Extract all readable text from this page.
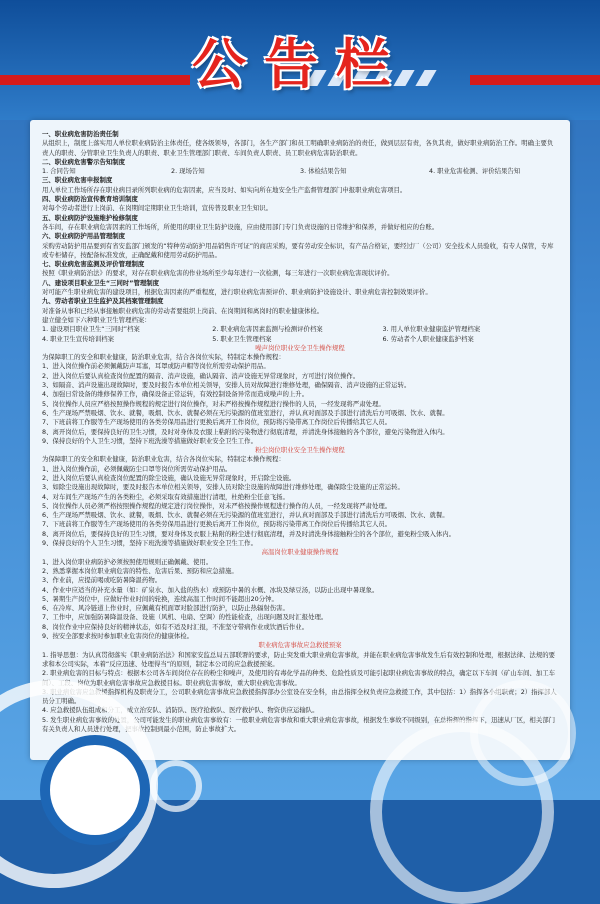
公告栏

一、职业病危害防治责任制

从组织上，制度上落实用人单位职业病防治主体责任，使各级领导，各部门，各生产部门和员工明确职业病防治的责任，做到层层有责，各负其责，做好职业病防治工作。明确主要负责人的职责、分管职业卫生负责人的职责、职业卫生管理部门职责、车间负责人职责、员工职业病危害防治职责。

二、职业病危害警示告知制度

1. 合同告知	2. 现场告知	3. 体检结果告知	4. 职业危害检测、评价结果告知

三、职业病危害申报制度

用人单位工作场所存在职业病目录所列职业病的危害因素，应当及时、如实向所在地安全生产监督管理部门申报职业病危害项目。

四、职业病防治宣传教育培训制度

对每个劳动者进行上岗前、在岗期间定期职业卫生培训，宣传普及职业卫生知识。

五、职业病防护设施维护检修制度

各车间，存在职业病危害因素的工作场所，所使用的职业卫生防护设施，应由使用部门专门负责设施的日常维护和保养，并做好相应的台账。

六、职业病防护用品管理制度

采购劳动防护用品要到有省安监部门颁发的“特种劳动防护用品销售许可证”的商店采购，要有劳动安全标识，有产品合格证，要经过厂（公司）安全技术人员验收，有专人保管，专库或专柜储存，按配备标准发放，正确配戴和使用劳动防护用品。

七、职业病危害监测及评价管理制度

按照《职业病防治法》的要求，对存在职业病危害的作业场所至少每年进行一次检测，每三年进行一次职业病危害现状评价。

八、建设项目职业卫生“三同时”管理制度

对可能产生职业病危害的建设项目，根据危害因素的严重程度，进行职业病危害预评价、职业病防护设施设计、职业病危害控制效果评价。

九、劳动者职业卫生监护及其档案管理制度

对准备从事和已经从事接触职业病危害的劳动者要组织上岗前、在岗期间和离岗时的职业健康体检。

建立健全如下六种职业卫生管理档案：

1. 建设项目职业卫生“三同时”档案	2. 职业病危害因素监测与检测评价档案	3. 用人单位职业健康监护管理档案
4. 职业卫生宣传培训档案	5. 职业卫生管理档案	6. 劳动者个人职业健康监护档案

噪声岗位职业安全卫生操作规程

为保障职工的安全和职业健康，防治职业危害，结合各岗位实际，特制定本操作规程：

1、进入岗位操作前必须佩戴防声耳塞，耳罩或防声帽等岗位所需劳动保护用品。

2、进入岗位后要认真检查岗位配置的隔音、消声设施，确认隔音、消声设施无异常现象时，方可进行岗位操作。

3、如隔音、消声设施出现故障时，要及时报告本单位相关领导，安排人员对故障进行维修处理，确保隔音、消声设施的正常运转。

4、加强日常设备的维修保养工作，确保设备正常运转，有效控制设备异常而造成噪声的上升。

5、岗位操作人员应严格按照操作规程的规定进行岗位操作，对未严格按操作规程进行操作的人员，一经发现将严肃处理。

6、生产现场严禁吸烟、饮水、就餐，吸烟、饮水、就餐必须在无污染源的值班室进行，并认真对面部及手部进行清洗后方可吸烟、饮水、就餐。

7、下班前将工作服等生产现场使用的各类劳保用品进行更换后离开工作岗位，预防将污染带离工作岗位后传播给其它人员。

8、离开岗位后，要保持良好的卫生习惯，及时对身体及衣服上粘附的污染物进行彻底清理，并清洗身体接触的各个部位，避免污染物进入体内。

9、保持良好的个人卫生习惯，坚持下班洗澡等措施做好职业安全卫生工作。

粉尘岗位职业安全卫生操作规程

为保障职工的安全和职业健康，防治职业危害，结合各岗位实际，特制定本操作规程：

1、进入岗位操作前，必须佩戴防尘口罩等岗位所需劳动保护用品。

2、进入岗位后要认真检查岗位配置的除尘设施，确认设施无异常现象时，开启除尘设施。

3、如除尘设施出现故障时，要及时报告本单位相关领导，安排人员对除尘设施的故障进行维修处理，确保除尘设施的正常运转。

4、对车间生产现场产生的各类粉尘，必须采取有效措施进行清理，杜绝粉尘任意飞扬。

5、岗位操作人员必须严格按照操作规程的规定进行岗位操作，对未严格按操作规程进行操作的人员，一经发现将严肃处理。

6、生产现场严禁吸烟、饮水、就餐，吸烟、饮水、就餐必须在无污染源的值班室进行，并认真对面部及手部进行清洗后方可吸烟、饮水、就餐。

7、下班前将工作服等生产现场使用的各类劳保用品进行更换后离开工作岗位，预防将污染带离工作岗位后传播给其它人员。

8、离开岗位后，要保持良好的卫生习惯，要对身体及衣服上粘附的粉尘进行彻底清理，并及时清洗身体接触粉尘的各个部位，避免粉尘吸入体内。

9、保持良好的个人卫生习惯，坚持下班洗澡等措施做好职业安全卫生工作。

高温岗位职业健康操作规程

1、进入岗位职业病防护必须按照使用规则正确佩戴、使用。

2、熟悉掌握本岗位职业病危害的特性、危害后果、预防和应急措施。

3、作业前，应提前喝或吃防暑降温药物。

4、作业中应适当的补充水量（如：矿泉水、加入盐的热水）或预防中暑的水概、冰块及绿豆汤，以防止出现中暑现象。

5、暑期生产岗位中，应做好作业时间的轮换，连续高温工作时间不能超出20分钟。

6、在冷库、风冷链道上作业时，应佩戴有机面罩对脸部进行防护，以防止热辐射伤害。

7、工作中，应加强防暑降温设备、设施（风机、电扇、空调）的性能检查，出现问题及时汇报处理。

8、岗位作业中应保持良好的精神状态，如有不适及时汇报，不准坚守带病作业或饮酒后作业。

9、按安全部要求按时参加职业危害岗位的健康体检。

职业病危害事故应急救援预案

1. 指导思想：为认真贯彻落实《职业病防治法》和国家安监总局五部联署的要求，防止突发重大职业病危害事故，并能在职业病危害事故发生后有效控制和处理，根据法律、法规的要求和本公司实际，本着“反应迅速、处理得当”的原则，制定本公司的应急救援预案。

2. 职业病危害的目标与特点：根据本公司各车间岗位存在的粉尘和噪声，及使用的有毒化学品的种类、危险性质及可能引起职业病危害事故的特点，确定以下车间（矿山车间、加工车间）、工段、岗位为职业病危害事故应急救援目标。职业病危害事故，重大职业病危害事故。

3. 职业病危害应急救援指挥机构及职责分工，公司职业病危害事故应急救援指挥部办公室设在安全科，由总指挥全权负责应急救援工作，其中包括：1）指挥各小组职责；2）指挥部人员分工明确。

4. 应急救援队伍组成和分工，成立治安队、消防队、医疗抢救队、医疗救护队、物资供应运输队。

5. 发生职业病危害事故的处置，公司可能发生的职业病危害事故有：一般职业病危害事故和重大职业病危害事故，根据发生事故不同级别，在总指挥的指挥下，迅速从厂区，相关部门有关负责人和人员进行处理，把事故控制到最小范围，防止事故扩大。
